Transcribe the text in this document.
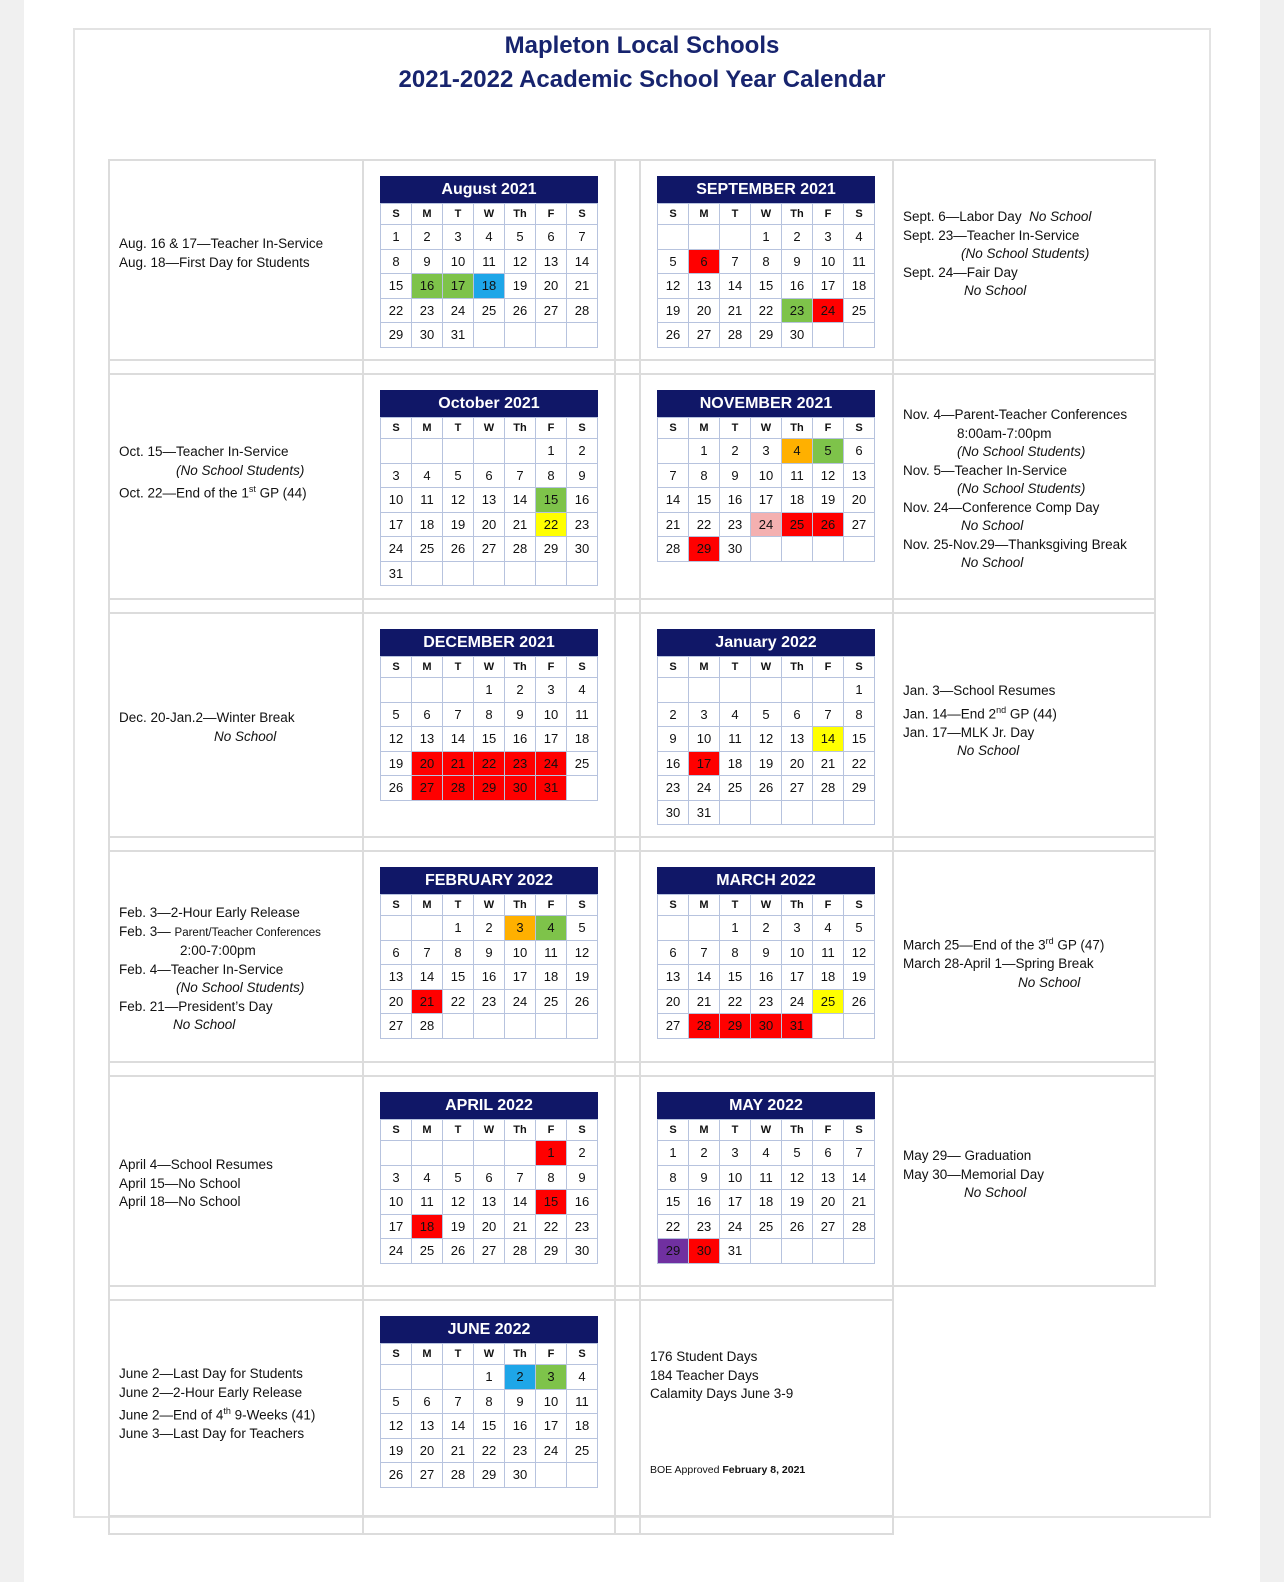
Mapleton Local Schools
2021-2022 Academic School Year Calendar
August 2021
S	M	T	W	Th	F	S
1	2	3	4	5	6	7
8	9	10	11	12	13	14
15	16	17	18	19	20	21
22	23	24	25	26	27	28
29	30	31				
SEPTEMBER 2021
S	M	T	W	Th	F	S
			1	2	3	4
5	6	7	8	9	10	11
12	13	14	15	16	17	18
19	20	21	22	23	24	25
26	27	28	29	30		
October 2021
S	M	T	W	Th	F	S
					1	2
3	4	5	6	7	8	9
10	11	12	13	14	15	16
17	18	19	20	21	22	23
24	25	26	27	28	29	30
31						
NOVEMBER 2021
S	M	T	W	Th	F	S
	1	2	3	4	5	6
7	8	9	10	11	12	13
14	15	16	17	18	19	20
21	22	23	24	25	26	27
28	29	30				
DECEMBER 2021
S	M	T	W	Th	F	S
			1	2	3	4
5	6	7	8	9	10	11
12	13	14	15	16	17	18
19	20	21	22	23	24	25
26	27	28	29	30	31	
January 2022
S	M	T	W	Th	F	S
						1
2	3	4	5	6	7	8
9	10	11	12	13	14	15
16	17	18	19	20	21	22
23	24	25	26	27	28	29
30	31					
FEBRUARY 2022
S	M	T	W	Th	F	S
		1	2	3	4	5
6	7	8	9	10	11	12
13	14	15	16	17	18	19
20	21	22	23	24	25	26
27	28					
MARCH 2022
S	M	T	W	Th	F	S
		1	2	3	4	5
6	7	8	9	10	11	12
13	14	15	16	17	18	19
20	21	22	23	24	25	26
27	28	29	30	31		
APRIL 2022
S	M	T	W	Th	F	S
					1	2
3	4	5	6	7	8	9
10	11	12	13	14	15	16
17	18	19	20	21	22	23
24	25	26	27	28	29	30
MAY 2022
S	M	T	W	Th	F	S
1	2	3	4	5	6	7
8	9	10	11	12	13	14
15	16	17	18	19	20	21
22	23	24	25	26	27	28
29	30	31				
JUNE 2022
S	M	T	W	Th	F	S
			1	2	3	4
5	6	7	8	9	10	11
12	13	14	15	16	17	18
19	20	21	22	23	24	25
26	27	28	29	30		
Aug. 16 & 17—Teacher In-Service
Aug. 18—First Day for Students
Sept. 6—Labor Day No School
Sept. 23—Teacher In-Service
(No School Students)
Sept. 24—Fair Day
No School
Oct. 15—Teacher In-Service
(No School Students)
Oct. 22—End of the 1st GP (44)
Nov. 4—Parent-Teacher Conferences
8:00am-7:00pm
(No School Students)
Nov. 5—Teacher In-Service
(No School Students)
Nov. 24—Conference Comp Day
No School
Nov. 25-Nov.29—Thanksgiving Break
No School
Dec. 20-Jan.2—Winter Break
No School
Jan. 3—School Resumes
Jan. 14—End 2nd GP (44)
Jan. 17—MLK Jr. Day
No School
Feb. 3—2-Hour Early Release
Feb. 3— Parent/Teacher Conferences
2:00-7:00pm
Feb. 4—Teacher In-Service
(No School Students)
Feb. 21—President’s Day
No School
March 25—End of the 3rd GP (47)
March 28-April 1—Spring Break
No School
April 4—School Resumes
April 15—No School
April 18—No School
May 29— Graduation
May 30—Memorial Day
No School
June 2—Last Day for Students
June 2—2-Hour Early Release
June 2—End of 4th 9-Weeks (41)
June 3—Last Day for Teachers
176 Student Days
184 Teacher Days
Calamity Days June 3-9
BOE Approved February 8, 2021
